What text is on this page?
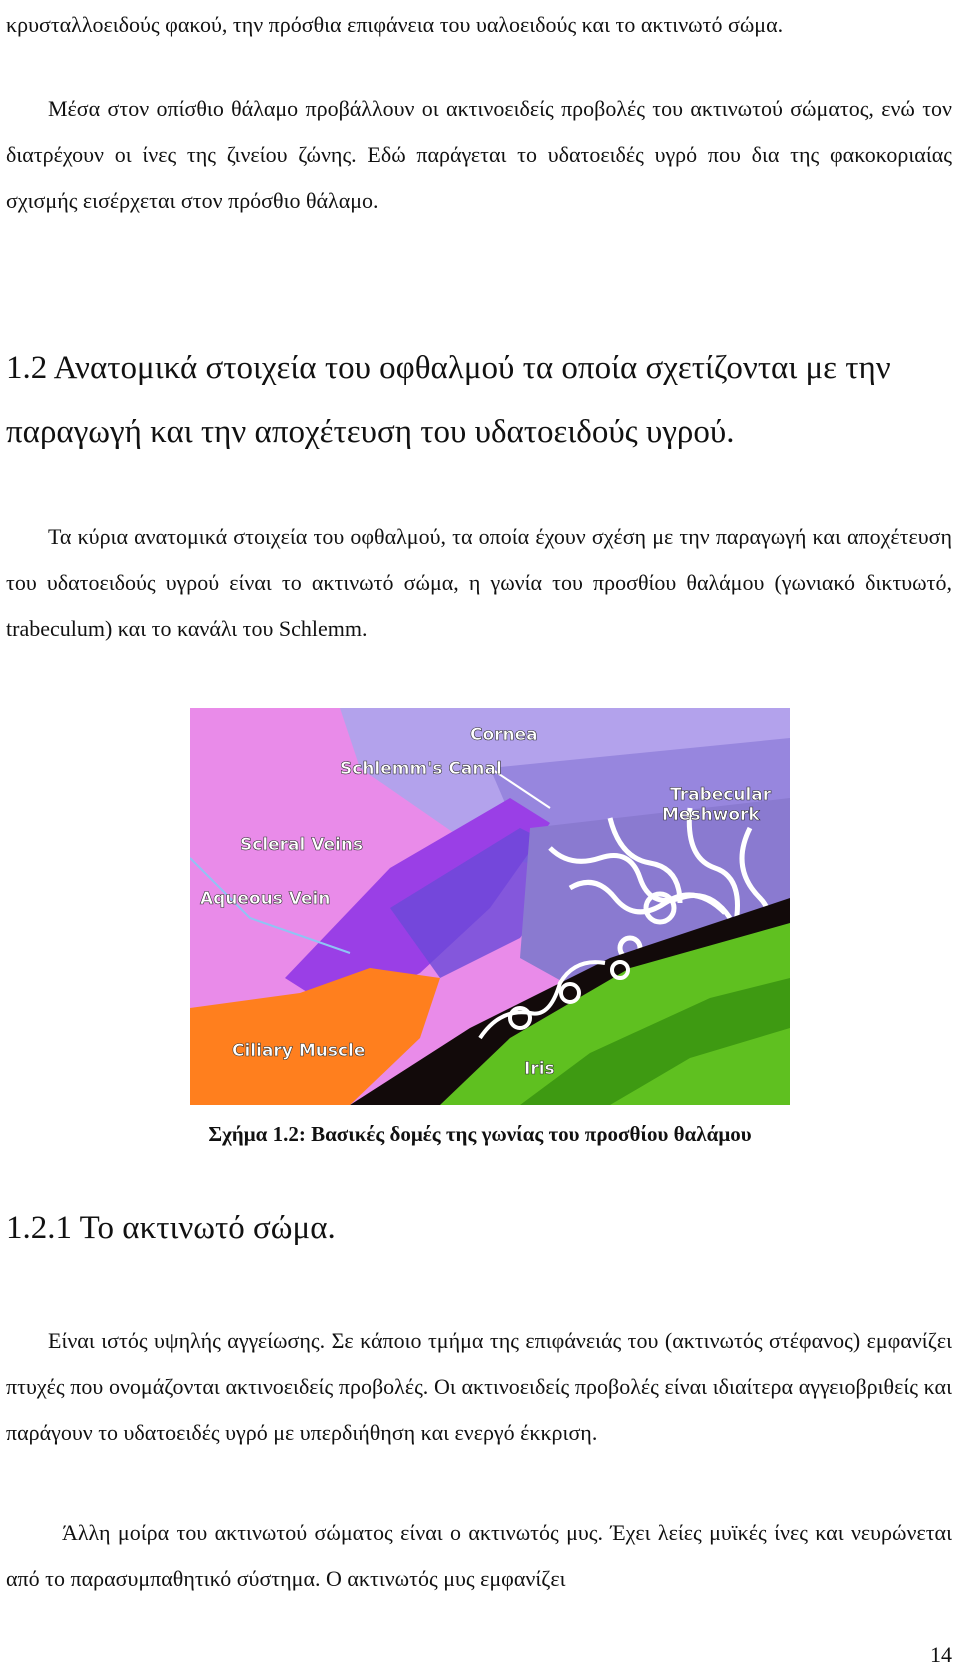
κρυσταλλοειδούς φακού, την πρόσθια επιφάνεια του υαλοειδούς και το ακτινωτό σώμα.

Μέσα στον οπίσθιο θάλαμο προβάλλουν οι ακτινοειδείς προβολές του ακτινωτού σώματος, ενώ τον διατρέχουν οι ίνες της ζινείου ζώνης. Εδώ παράγεται το υδατοειδές υγρό που δια της φακοκοριαίας σχισμής εισέρχεται στον πρόσθιο θάλαμο.

1.2 Ανατομικά στοιχεία του οφθαλμού τα οποία σχετίζονται με την παραγωγή και την αποχέτευση του υδατοειδούς υγρού.

Τα κύρια ανατομικά στοιχεία του οφθαλμού, τα οποία έχουν σχέση με την παραγωγή και αποχέτευση του υδατοειδούς υγρού είναι το ακτινωτό σώμα, η γωνία του προσθίου θαλάμου (γωνιακό δικτυωτό, trabeculum) και το κανάλι του Schlemm.

Cornea
Schlemm's Canal
Trabecular
Meshwork
Scleral Veins
Aqueous Vein
Ciliary Muscle
Iris

Σχήμα 1.2: Βασικές δομές της γωνίας του προσθίου θαλάμου

1.2.1 Το ακτινωτό σώμα.

Είναι ιστός υψηλής αγγείωσης. Σε κάποιο τμήμα της επιφάνειάς του (ακτινωτός στέφανος) εμφανίζει πτυχές που ονομάζονται ακτινοειδείς προβολές. Οι ακτινοειδείς προβολές είναι ιδιαίτερα αγγειοβριθείς και παράγουν το υδατοειδές υγρό με υπερδιήθηση και ενεργό έκκριση.

Άλλη μοίρα του ακτινωτού σώματος είναι ο ακτινωτός μυς. Έχει λείες μυϊκές ίνες και νευρώνεται από το παρασυμπαθητικό σύστημα. Ο ακτινωτός μυς εμφανίζει

14
